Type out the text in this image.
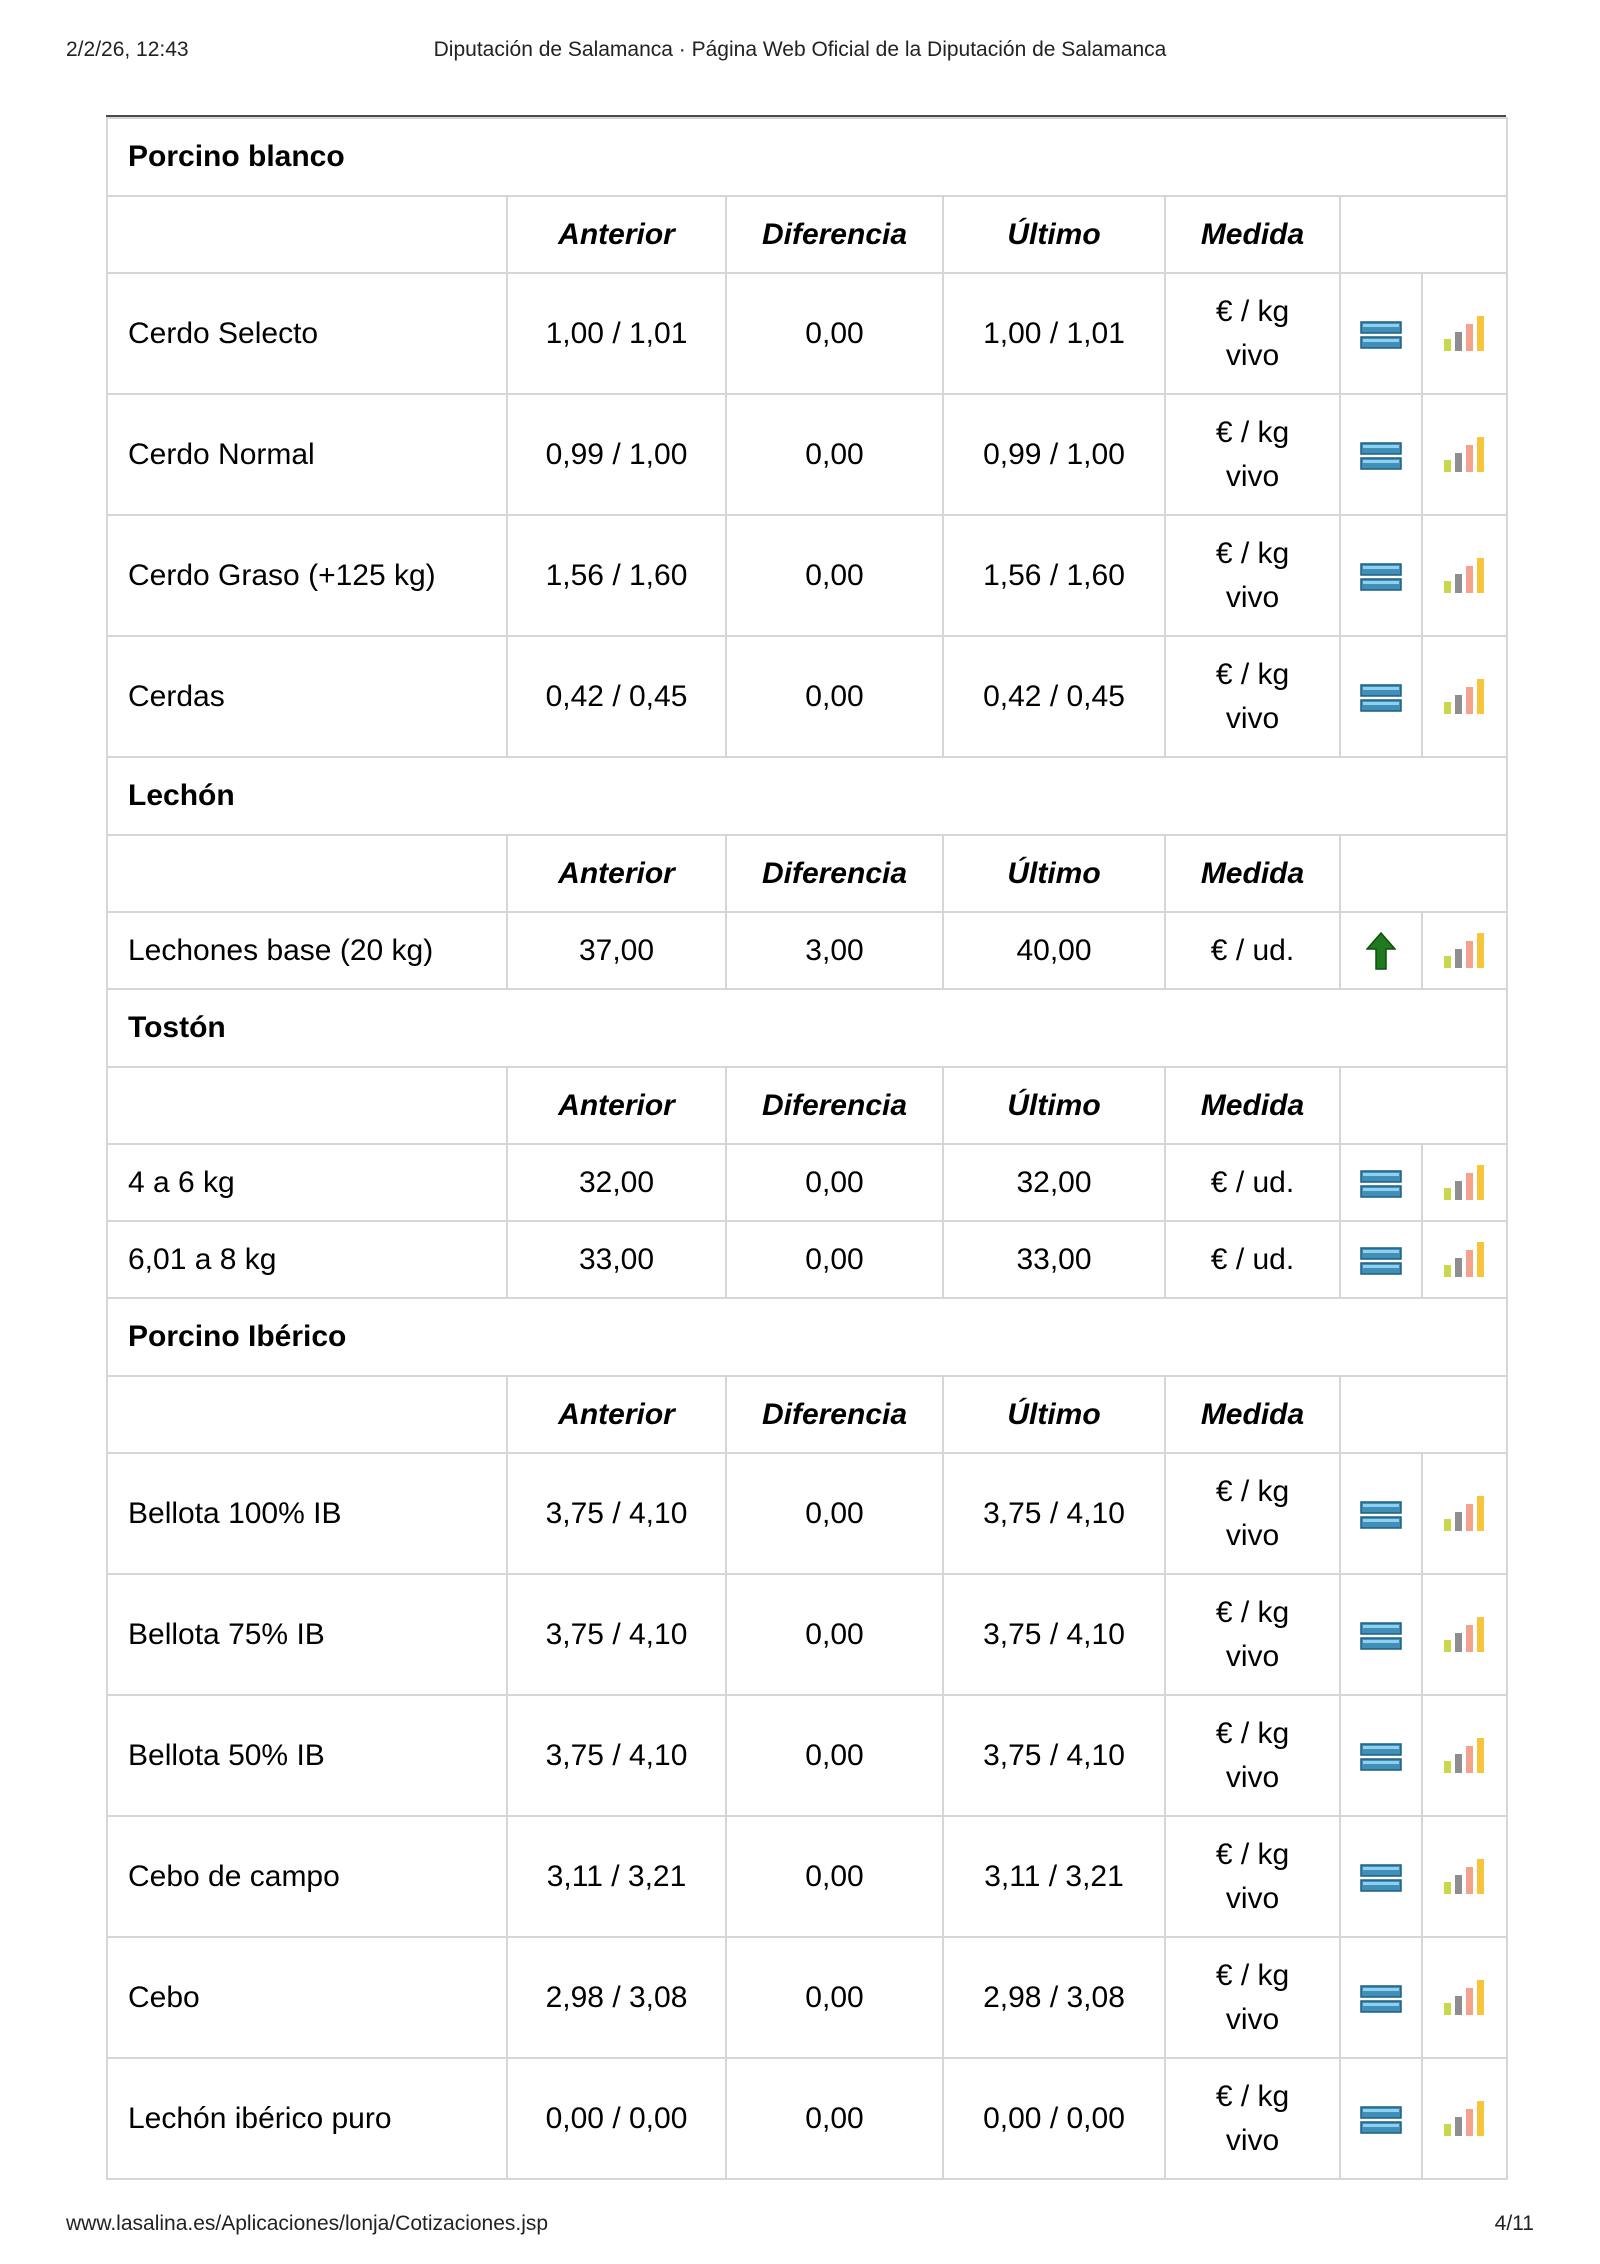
2/2/26, 12:43	Diputación de Salamanca · Página Web Oficial de la Diputación de Salamanca
Porcino blanco						
	Anterior	Diferencia	Último	Medida		
Cerdo Selecto	1,00 / 1,01	0,00	1,00 / 1,01	€ / kg
vivo	

Cerdo Normal	0,99 / 1,00	0,00	0,99 / 1,00	€ / kg
vivo	

Cerdo Graso (+125 kg)	1,56 / 1,60	0,00	1,56 / 1,60	€ / kg
vivo	

Cerdas	0,42 / 0,45	0,00	0,42 / 0,45	€ / kg
vivo	

Lechón						
	Anterior	Diferencia	Último	Medida		
Lechones base (20 kg)	37,00	3,00	40,00	€ / ud.	

Tostón						
	Anterior	Diferencia	Último	Medida		
4 a 6 kg	32,00	0,00	32,00	€ / ud.	

6,01 a 8 kg	33,00	0,00	33,00	€ / ud.	

Porcino Ibérico						
	Anterior	Diferencia	Último	Medida		
Bellota 100% IB	3,75 / 4,10	0,00	3,75 / 4,10	€ / kg
vivo	

Bellota 75% IB	3,75 / 4,10	0,00	3,75 / 4,10	€ / kg
vivo	

Bellota 50% IB	3,75 / 4,10	0,00	3,75 / 4,10	€ / kg
vivo	

Cebo de campo	3,11 / 3,21	0,00	3,11 / 3,21	€ / kg
vivo	

Cebo	2,98 / 3,08	0,00	2,98 / 3,08	€ / kg
vivo	

Lechón ibérico puro	0,00 / 0,00	0,00	0,00 / 0,00	€ / kg
vivo	

www.lasalina.es/Aplicaciones/lonja/Cotizaciones.jsp	4/11
